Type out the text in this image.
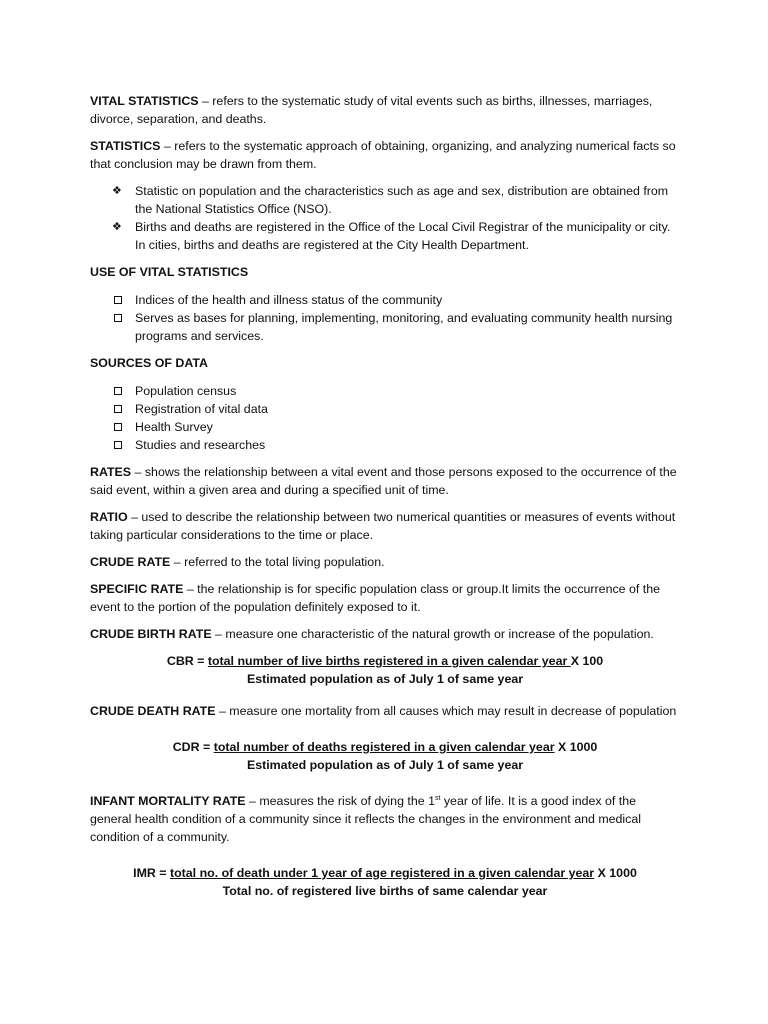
VITAL STATISTICS – refers to the systematic study of vital events such as births, illnesses, marriages, divorce, separation, and deaths.

STATISTICS – refers to the systematic approach of obtaining, organizing, and analyzing numerical facts so that conclusion may be drawn from them.

❖ Statistic on population and the characteristics such as age and sex, distribution are obtained from the National Statistics Office (NSO).
❖ Births and deaths are registered in the Office of the Local Civil Registrar of the municipality or city. In cities, births and deaths are registered at the City Health Department.
USE OF VITAL STATISTICS
Indices of the health and illness status of the community
Serves as bases for planning, implementing, monitoring, and evaluating community health nursing programs and services.
SOURCES OF DATA
Population census
Registration of vital data
Health Survey
Studies and researches

RATES – shows the relationship between a vital event and those persons exposed to the occurrence of the said event, within a given area and during a specified unit of time.

RATIO – used to describe the relationship between two numerical quantities or measures of events without taking particular considerations to the time or place.

CRUDE RATE – referred to the total living population.

SPECIFIC RATE – the relationship is for specific population class or group.It limits the occurrence of the event to the portion of the population definitely exposed to it.

CRUDE BIRTH RATE – measure one characteristic of the natural growth or increase of the population.

CBR = total number of live births registered in a given calendar year X 100
Estimated population as of July 1 of same year

CRUDE DEATH RATE – measure one mortality from all causes which may result in decrease of population

CDR = total number of deaths registered in a given calendar year X 1000
Estimated population as of July 1 of same year

INFANT MORTALITY RATE – measures the risk of dying the 1st year of life. It is a good index of the general health condition of a community since it reflects the changes in the environment and medical condition of a community.

IMR = total no. of death under 1 year of age registered in a given calendar year X 1000
Total no. of registered live births of same calendar year
